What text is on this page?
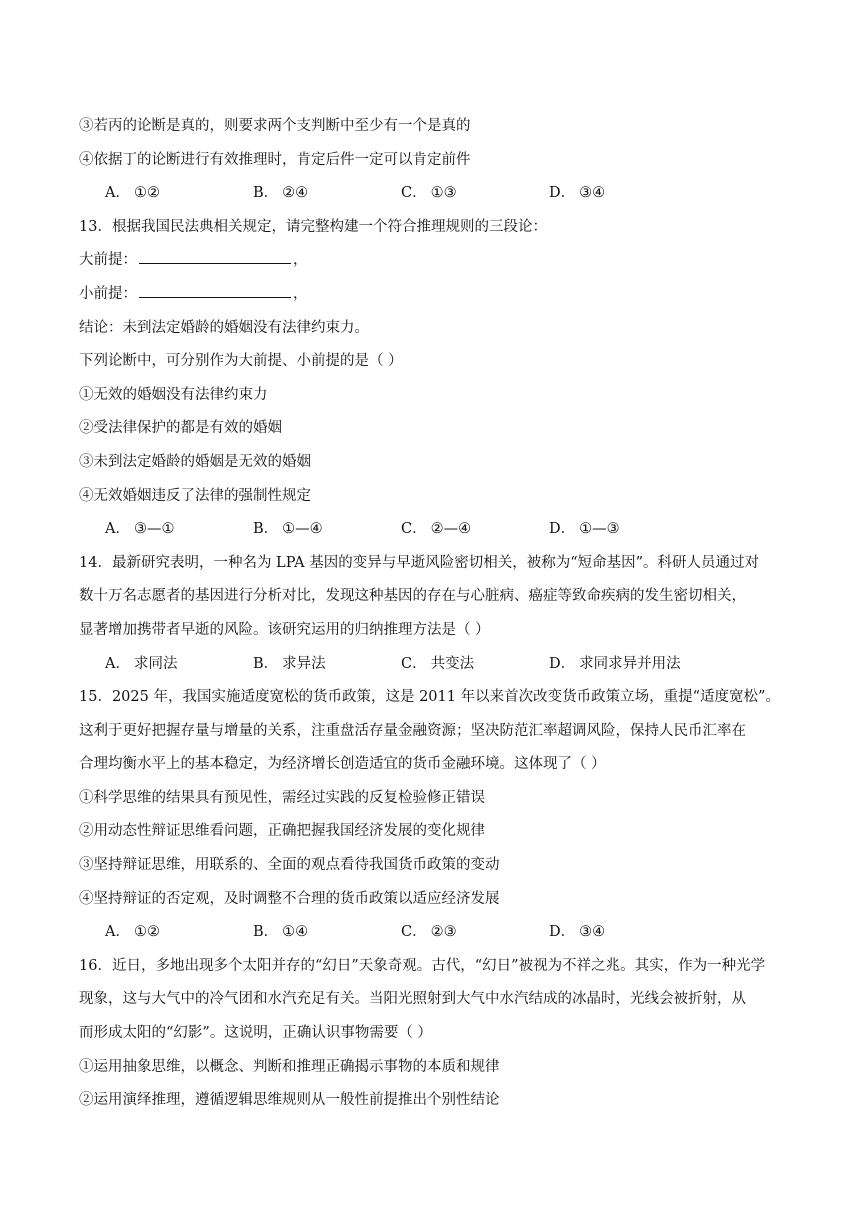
③若丙的论断是真的，则要求两个支判断中至少有一个是真的
④依据丁的论断进行有效推理时，肯定后件一定可以肯定前件
A． ①②	B． ②④	C． ①③	D． ③④
13．根据我国民法典相关规定，请完整构建一个符合推理规则的三段论：
大前提：	，
小前提：	，
结论：未到法定婚龄的婚姻没有法律约束力。
下列论断中，可分别作为大前提、小前提的是（ ）
①无效的婚姻没有法律约束力
②受法律保护的都是有效的婚姻
③未到法定婚龄的婚姻是无效的婚姻
④无效婚姻违反了法律的强制性规定
A． ③—①	B． ①—④	C． ②—④	D． ①—③
14．最新研究表明，一种名为 LPA 基因的变异与早逝风险密切相关，被称为“短命基因”。科研人员通过对
数十万名志愿者的基因进行分析对比，发现这种基因的存在与心脏病、癌症等致命疾病的发生密切相关，
显著增加携带者早逝的风险。该研究运用的归纳推理方法是（ ）
A． 求同法	B． 求异法	C． 共变法	D． 求同求异并用法
15．2025 年，我国实施适度宽松的货币政策，这是 2011 年以来首次改变货币政策立场，重提“适度宽松”。
这利于更好把握存量与增量的关系，注重盘活存量金融资源；坚决防范汇率超调风险，保持人民币汇率在
合理均衡水平上的基本稳定，为经济增长创造适宜的货币金融环境。这体现了（ ）
①科学思维的结果具有预见性，需经过实践的反复检验修正错误
②用动态性辩证思维看问题，正确把握我国经济发展的变化规律
③坚持辩证思维，用联系的、全面的观点看待我国货币政策的变动
④坚持辩证的否定观，及时调整不合理的货币政策以适应经济发展
A． ①②	B． ①④	C． ②③	D． ③④
16．近日，多地出现多个太阳并存的“幻日”天象奇观。古代，“幻日”被视为不祥之兆。其实，作为一种光学
现象，这与大气中的冷气团和水汽充足有关。当阳光照射到大气中水汽结成的冰晶时，光线会被折射，从
而形成太阳的“幻影”。这说明，正确认识事物需要（ ）
①运用抽象思维，以概念、判断和推理正确揭示事物的本质和规律
②运用演绎推理，遵循逻辑思维规则从一般性前提推出个别性结论
